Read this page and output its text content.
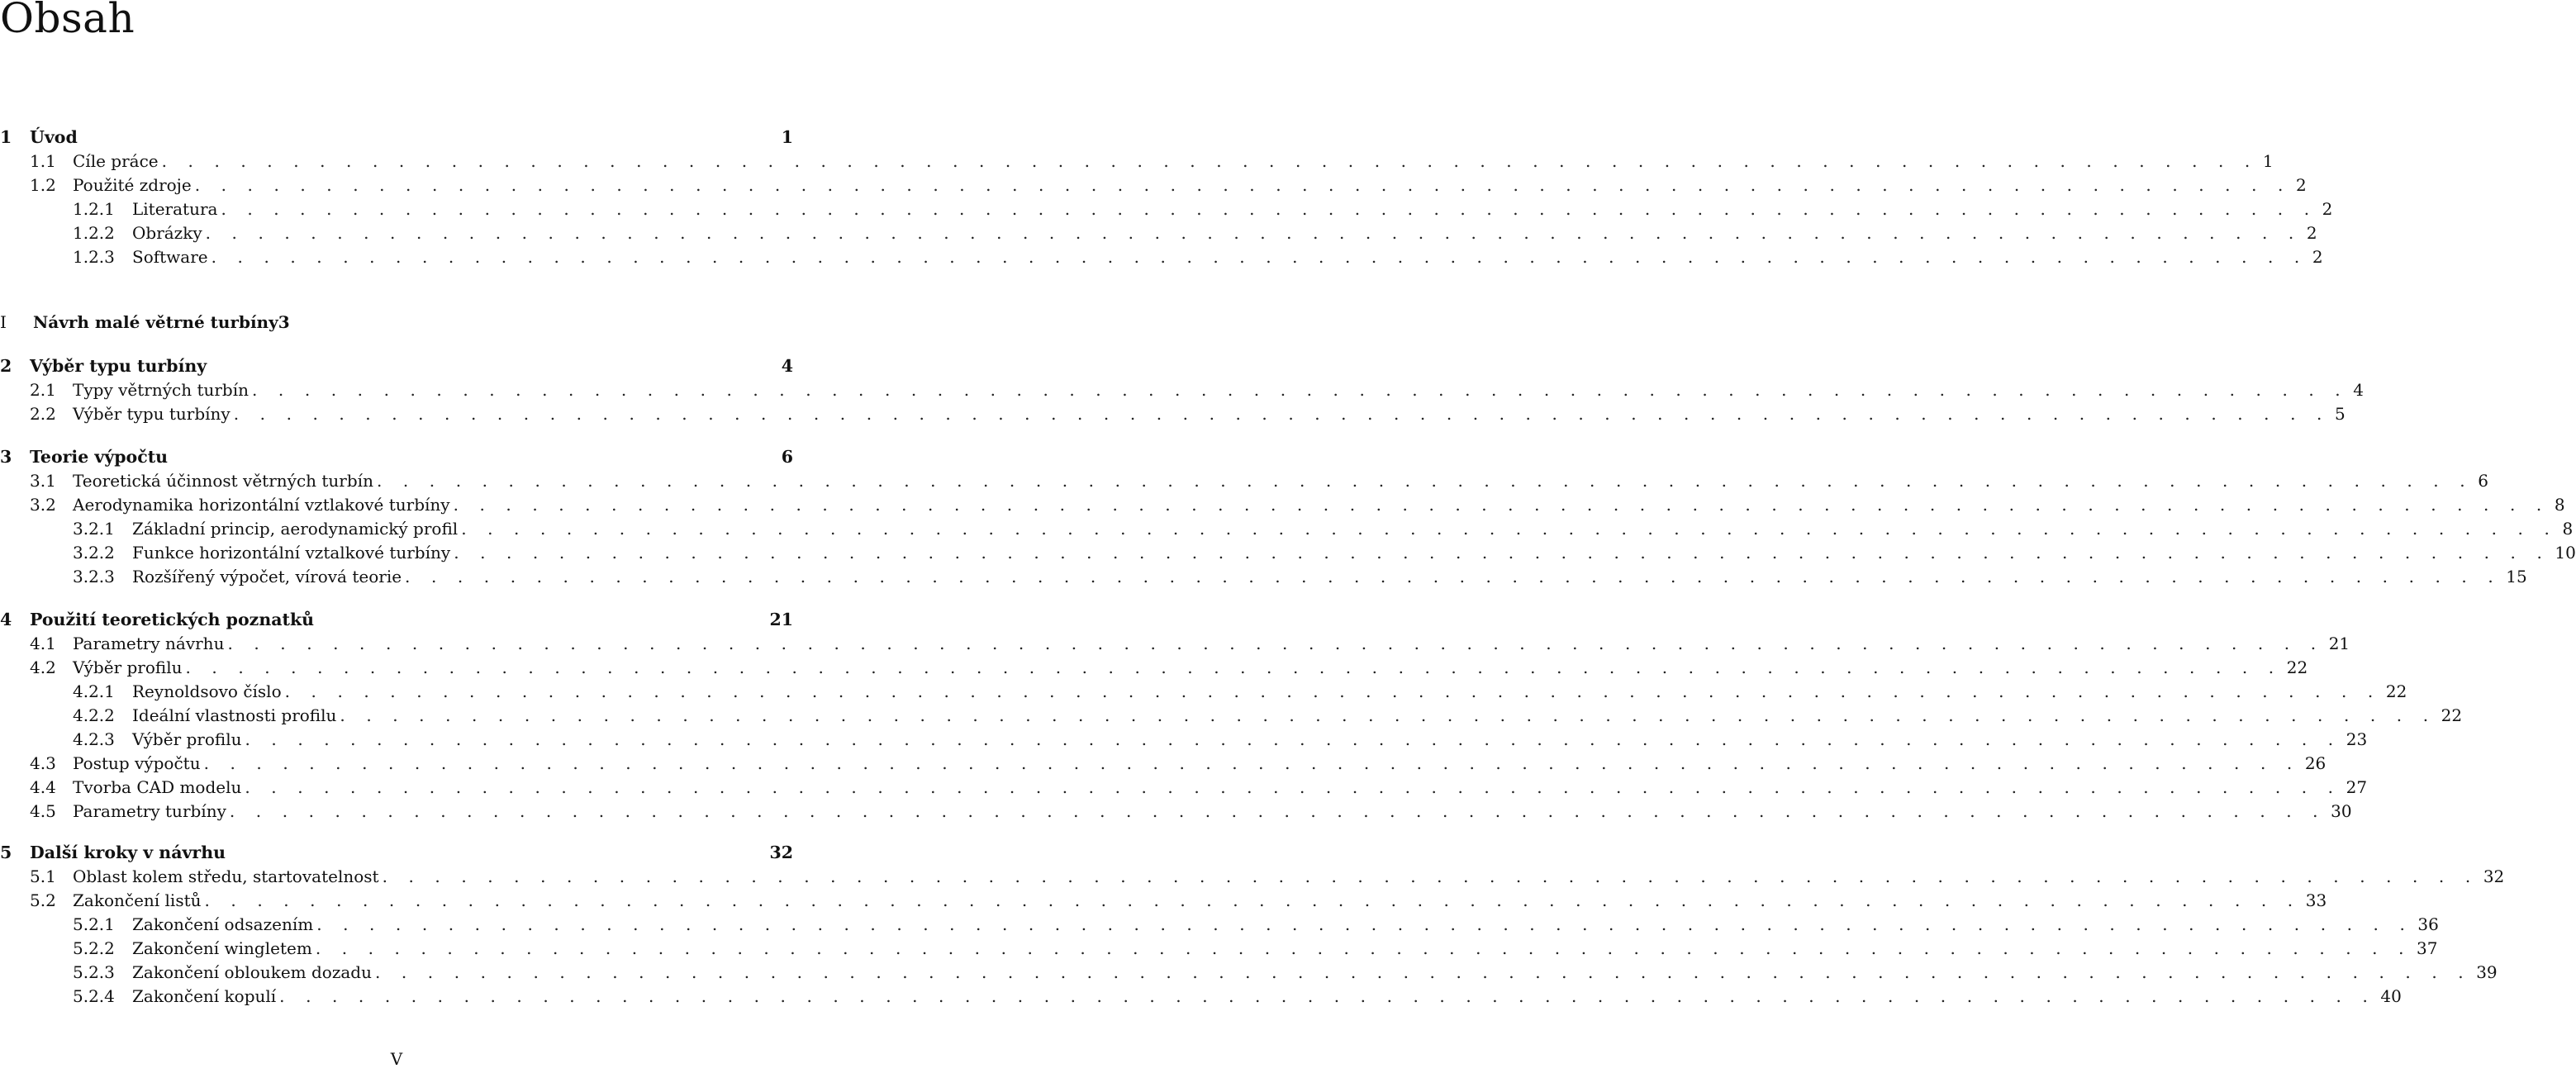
Obsah
1	Úvod	1
1.1	Cíle práce . . . . . . . . . . . . . . . . . . . . . . . . . . . . . . . . . . . . . . . . . . . . . . . . . . . . . . . . . . . . . . . . . . . . . . . . . . . . . . . . 1
1.2	Použité zdroje . . . . . . . . . . . . . . . . . . . . . . . . . . . . . . . . . . . . . . . . . . . . . . . . . . . . . . . . . . . . . . . . . . . . . . . . . . . . . . . . 2
1.2.1	Literatura . . . . . . . . . . . . . . . . . . . . . . . . . . . . . . . . . . . . . . . . . . . . . . . . . . . . . . . . . . . . . . . . . . . . . . . . . . . . . . . . 2
1.2.2	Obrázky . . . . . . . . . . . . . . . . . . . . . . . . . . . . . . . . . . . . . . . . . . . . . . . . . . . . . . . . . . . . . . . . . . . . . . . . . . . . . . . . 2
1.2.3	Software . . . . . . . . . . . . . . . . . . . . . . . . . . . . . . . . . . . . . . . . . . . . . . . . . . . . . . . . . . . . . . . . . . . . . . . . . . . . . . . . 2
I	Návrh malé větrné turbíny 3
2	Výběr typu turbíny	4
2.1	Typy větrných turbín . . . . . . . . . . . . . . . . . . . . . . . . . . . . . . . . . . . . . . . . . . . . . . . . . . . . . . . . . . . . . . . . . . . . . . . . . . . . . . . . 4
2.2	Výběr typu turbíny . . . . . . . . . . . . . . . . . . . . . . . . . . . . . . . . . . . . . . . . . . . . . . . . . . . . . . . . . . . . . . . . . . . . . . . . . . . . . . . . 5
3	Teorie výpočtu	6
3.1	Teoretická účinnost větrných turbín . . . . . . . . . . . . . . . . . . . . . . . . . . . . . . . . . . . . . . . . . . . . . . . . . . . . . . . . . . . . . . . . . . . . . . . . . . . . . . . . 6
3.2	Aerodynamika horizontální vztlakové turbíny . . . . . . . . . . . . . . . . . . . . . . . . . . . . . . . . . . . . . . . . . . . . . . . . . . . . . . . . . . . . . . . . . . . . . . . . . . . . . . . . 8
3.2.1	Základní princip, aerodynamický profil . . . . . . . . . . . . . . . . . . . . . . . . . . . . . . . . . . . . . . . . . . . . . . . . . . . . . . . . . . . . . . . . . . . . . . . . . . . . . . . . 8
3.2.2	Funkce horizontální vztalkové turbíny . . . . . . . . . . . . . . . . . . . . . . . . . . . . . . . . . . . . . . . . . . . . . . . . . . . . . . . . . . . . . . . . . . . . . . . . . . . . . . . . 10
3.2.3	Rozšířený výpočet, vírová teorie . . . . . . . . . . . . . . . . . . . . . . . . . . . . . . . . . . . . . . . . . . . . . . . . . . . . . . . . . . . . . . . . . . . . . . . . . . . . . . . . 15
4	Použití teoretických poznatků	21
4.1	Parametry návrhu . . . . . . . . . . . . . . . . . . . . . . . . . . . . . . . . . . . . . . . . . . . . . . . . . . . . . . . . . . . . . . . . . . . . . . . . . . . . . . . . 21
4.2	Výběr profilu . . . . . . . . . . . . . . . . . . . . . . . . . . . . . . . . . . . . . . . . . . . . . . . . . . . . . . . . . . . . . . . . . . . . . . . . . . . . . . . . 22
4.2.1	Reynoldsovo číslo . . . . . . . . . . . . . . . . . . . . . . . . . . . . . . . . . . . . . . . . . . . . . . . . . . . . . . . . . . . . . . . . . . . . . . . . . . . . . . . . 22
4.2.2	Ideální vlastnosti profilu . . . . . . . . . . . . . . . . . . . . . . . . . . . . . . . . . . . . . . . . . . . . . . . . . . . . . . . . . . . . . . . . . . . . . . . . . . . . . . . . 22
4.2.3	Výběr profilu . . . . . . . . . . . . . . . . . . . . . . . . . . . . . . . . . . . . . . . . . . . . . . . . . . . . . . . . . . . . . . . . . . . . . . . . . . . . . . . . 23
4.3	Postup výpočtu . . . . . . . . . . . . . . . . . . . . . . . . . . . . . . . . . . . . . . . . . . . . . . . . . . . . . . . . . . . . . . . . . . . . . . . . . . . . . . . . 26
4.4	Tvorba CAD modelu . . . . . . . . . . . . . . . . . . . . . . . . . . . . . . . . . . . . . . . . . . . . . . . . . . . . . . . . . . . . . . . . . . . . . . . . . . . . . . . . 27
4.5	Parametry turbíny . . . . . . . . . . . . . . . . . . . . . . . . . . . . . . . . . . . . . . . . . . . . . . . . . . . . . . . . . . . . . . . . . . . . . . . . . . . . . . . . 30
5	Další kroky v návrhu	32
5.1	Oblast kolem středu, startovatelnost . . . . . . . . . . . . . . . . . . . . . . . . . . . . . . . . . . . . . . . . . . . . . . . . . . . . . . . . . . . . . . . . . . . . . . . . . . . . . . . . 32
5.2	Zakončení listů . . . . . . . . . . . . . . . . . . . . . . . . . . . . . . . . . . . . . . . . . . . . . . . . . . . . . . . . . . . . . . . . . . . . . . . . . . . . . . . . 33
5.2.1	Zakončení odsazením . . . . . . . . . . . . . . . . . . . . . . . . . . . . . . . . . . . . . . . . . . . . . . . . . . . . . . . . . . . . . . . . . . . . . . . . . . . . . . . . 36
5.2.2	Zakončení wingletem . . . . . . . . . . . . . . . . . . . . . . . . . . . . . . . . . . . . . . . . . . . . . . . . . . . . . . . . . . . . . . . . . . . . . . . . . . . . . . . . 37
5.2.3	Zakončení obloukem dozadu . . . . . . . . . . . . . . . . . . . . . . . . . . . . . . . . . . . . . . . . . . . . . . . . . . . . . . . . . . . . . . . . . . . . . . . . . . . . . . . . 39
5.2.4	Zakončení kopulí . . . . . . . . . . . . . . . . . . . . . . . . . . . . . . . . . . . . . . . . . . . . . . . . . . . . . . . . . . . . . . . . . . . . . . . . . . . . . . . . 40
V
